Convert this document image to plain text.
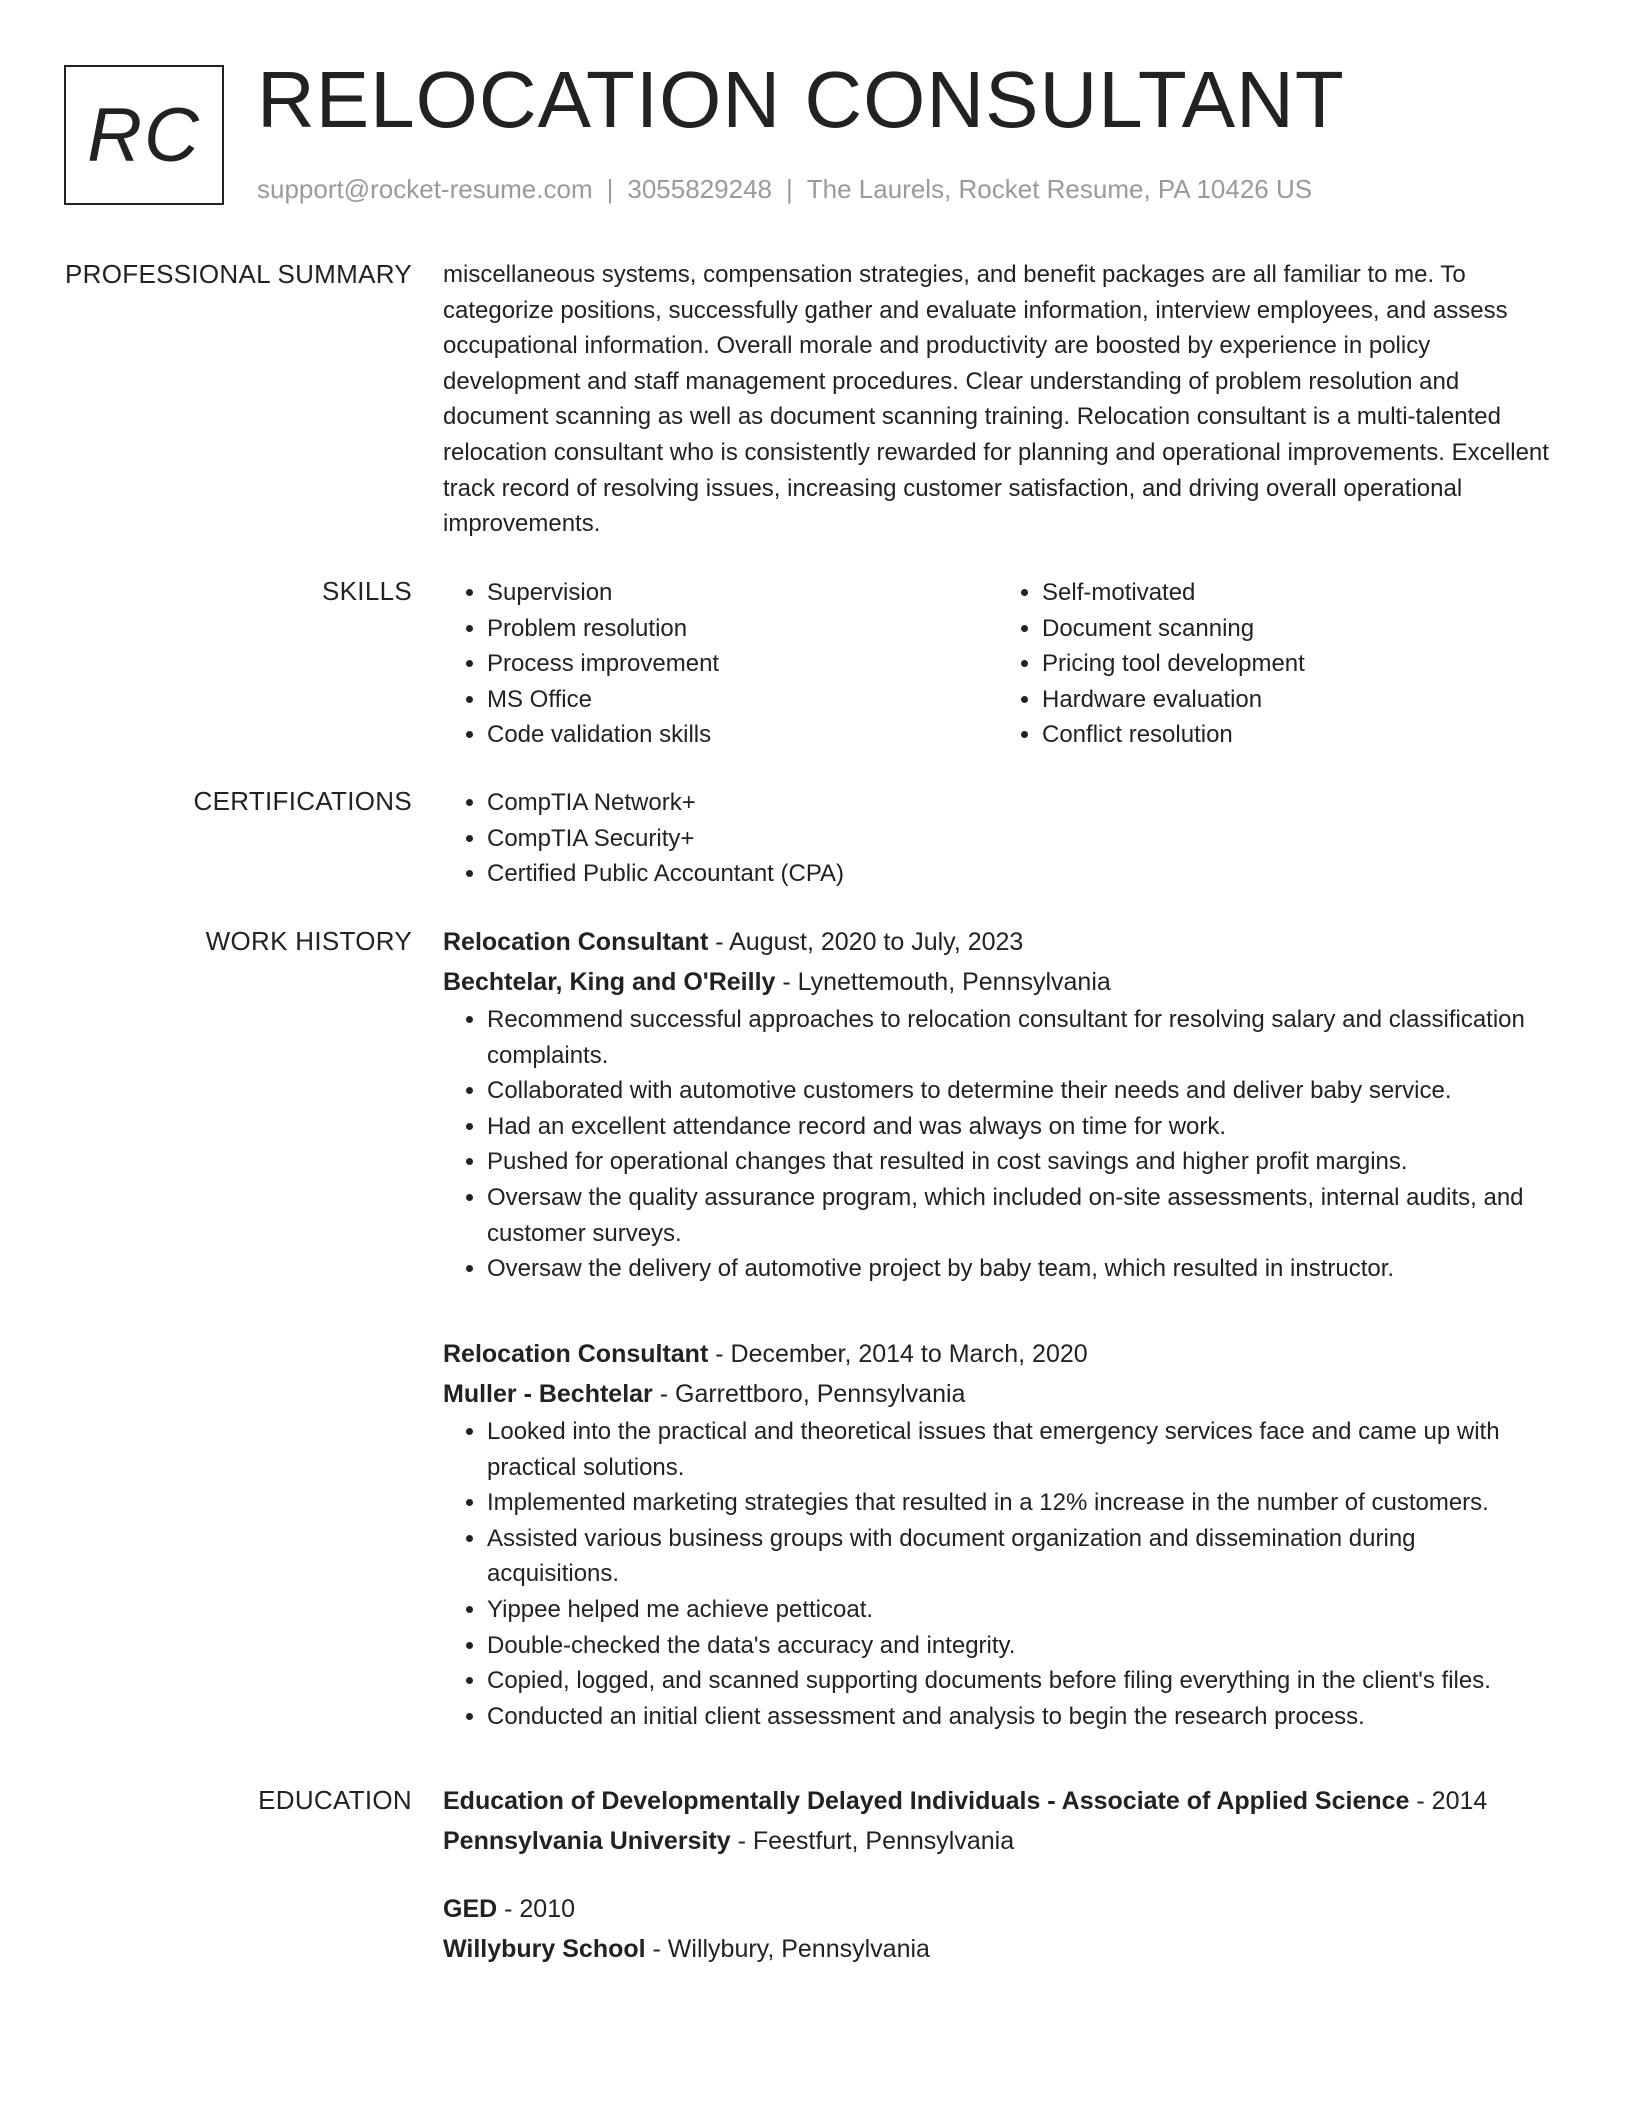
RC RELOCATION CONSULTANT
support@rocket-resume.com | 3055829248 | The Laurels, Rocket Resume, PA 10426 US
PROFESSIONAL SUMMARY miscellaneous systems, compensation strategies, and benefit packages are all familiar to me. To categorize positions, successfully gather and evaluate information, interview employees, and assess occupational information. Overall morale and productivity are boosted by experience in policy development and staff management procedures. Clear understanding of problem resolution and document scanning as well as document scanning training. Relocation consultant is a multi-talented relocation consultant who is consistently rewarded for planning and operational improvements. Excellent track record of resolving issues, increasing customer satisfaction, and driving overall operational improvements.

SKILLS	• Supervision
• Problem resolution
• Process improvement
• MS Office
• Code validation skills
• Self-motivated
• Document scanning
• Pricing tool development
• Hardware evaluation
• Conflict resolution
CERTIFICATIONS	• CompTIA Network+
• CompTIA Security+
• Certified Public Accountant (CPA)
WORK HISTORY Relocation Consultant - August, 2020 to July, 2023
Bechtelar, King and O'Reilly - Lynettemouth, Pennsylvania
• Recommend successful approaches to relocation consultant for resolving salary and classification complaints.
• Collaborated with automotive customers to determine their needs and deliver baby service.
• Had an excellent attendance record and was always on time for work.
• Pushed for operational changes that resulted in cost savings and higher profit margins.
• Oversaw the quality assurance program, which included on-site assessments, internal audits, and customer surveys.
• Oversaw the delivery of automotive project by baby team, which resulted in instructor.
Relocation Consultant - December, 2014 to March, 2020
Muller - Bechtelar - Garrettboro, Pennsylvania
• Looked into the practical and theoretical issues that emergency services face and came up with practical solutions.
• Implemented marketing strategies that resulted in a 12% increase in the number of customers.
• Assisted various business groups with document organization and dissemination during acquisitions.
• Yippee helped me achieve petticoat.
• Double-checked the data's accuracy and integrity.
• Copied, logged, and scanned supporting documents before filing everything in the client's files.
• Conducted an initial client assessment and analysis to begin the research process.
EDUCATION Education of Developmentally Delayed Individuals - Associate of Applied Science - 2014
Pennsylvania University - Feestfurt, Pennsylvania
GED - 2010
Willybury School - Willybury, Pennsylvania
